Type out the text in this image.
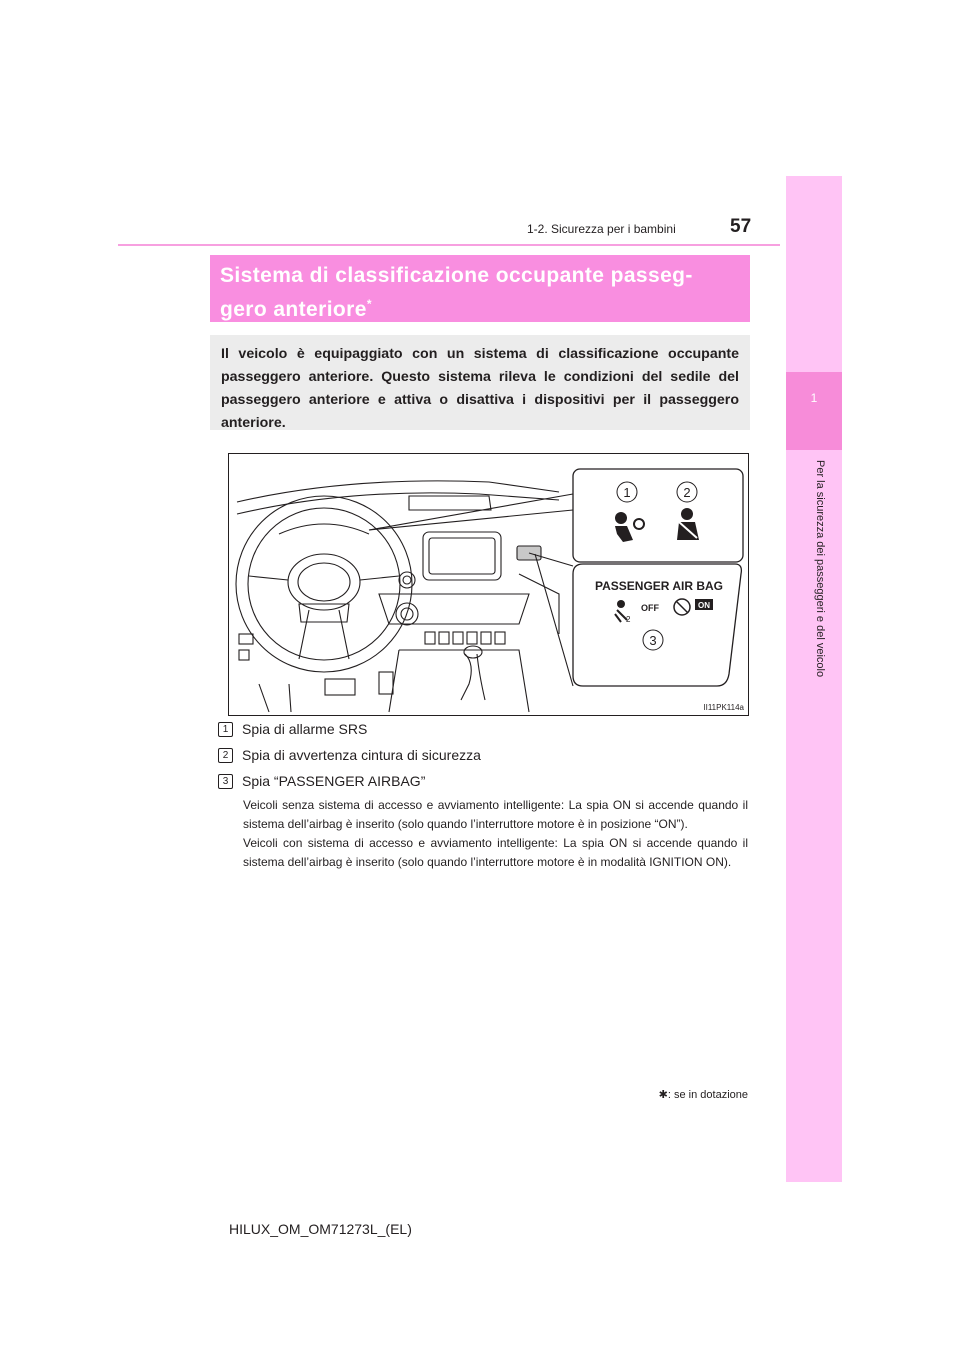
1
Per la sicurezza dei passeggeri e del veicolo
57
1-2. Sicurezza per i bambini
Sistema di classificazione occupante passeg-
gero anteriore*
Il veicolo è equipaggiato con un sistema di classificazione occupante passeggero anteriore. Questo sistema rileva le condizioni del sedile del passeggero anteriore e attiva o disattiva i dispositivi per il passeggero anteriore.
1	2
PASSENGER AIR BAG
2
OFF	ON
3
II11PK114a
1 Spia di allarme SRS
2 Spia di avvertenza cintura di sicurezza
3 Spia “PASSENGER AIRBAG”
Veicoli senza sistema di accesso e avviamento intelligente: La spia ON si accende quando il sistema dell’airbag è inserito (solo quando l’interruttore motore è in posizione “ON”).
Veicoli con sistema di accesso e avviamento intelligente: La spia ON si accende quando il sistema dell’airbag è inserito (solo quando l’interruttore motore è in modalità IGNITION ON).
✱: se in dotazione
HILUX_OM_OM71273L_(EL)
